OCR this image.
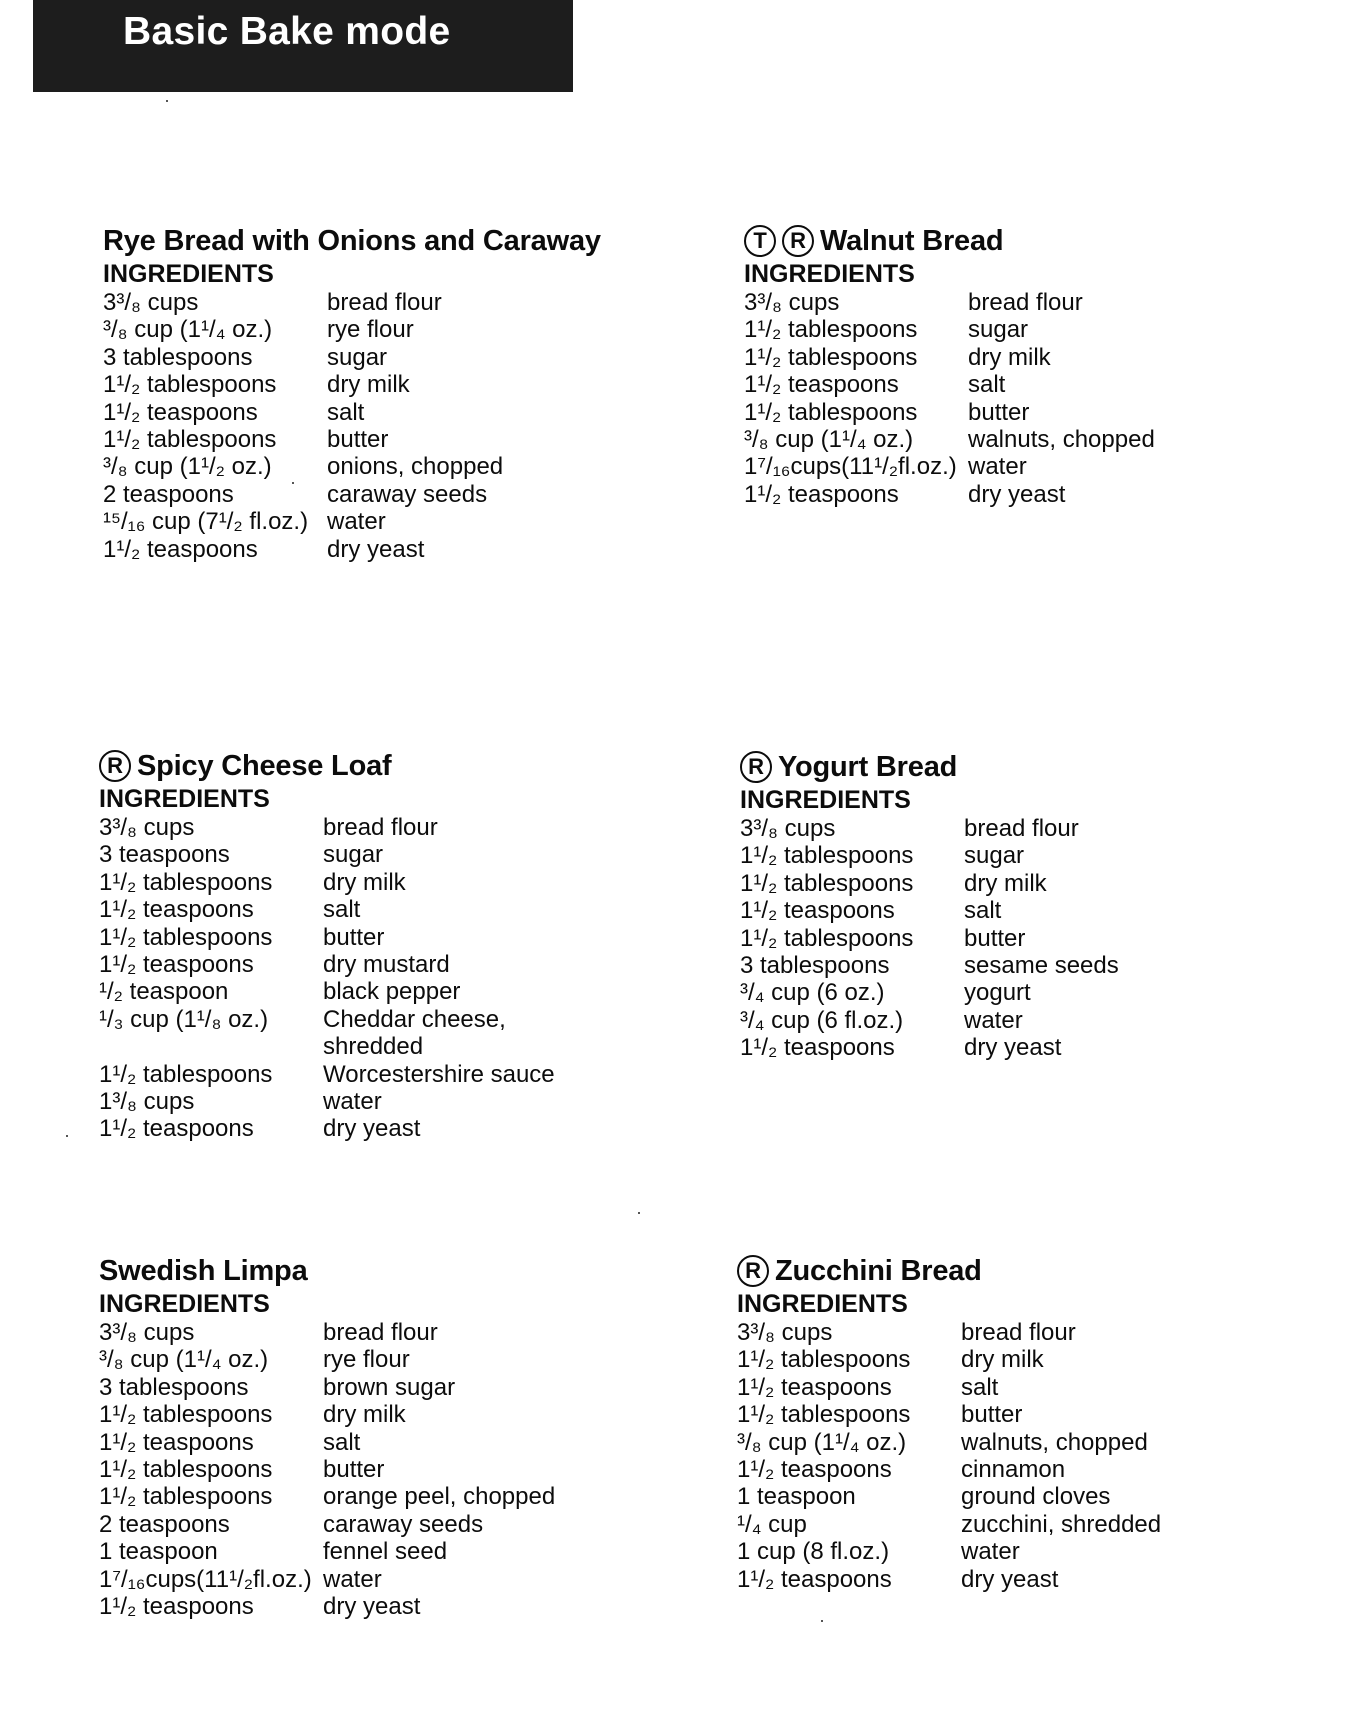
Basic Bake mode
Rye Bread with Onions and Caraway
INGREDIENTS
3³/₈ cups	bread flour
³/₈ cup (1¹/₄ oz.)	rye flour
3 tablespoons	sugar
1¹/₂ tablespoons	dry milk
1¹/₂ teaspoons	salt
1¹/₂ tablespoons	butter
³/₈ cup (1¹/₂ oz.)	onions, chopped
2 teaspoons	caraway seeds
¹⁵/₁₆ cup (7¹/₂ fl.oz.) water
1¹/₂ teaspoons	dry yeast
T R Walnut Bread
INGREDIENTS
3³/₈ cups	bread flour
1¹/₂ tablespoons	sugar
1¹/₂ tablespoons	dry milk
1¹/₂ teaspoons	salt
1¹/₂ tablespoons	butter
³/₈ cup (1¹/₄ oz.)	walnuts, chopped
1⁷/₁₆cups(11¹/₂fl.oz.) water
1¹/₂ teaspoons	dry yeast
R Spicy Cheese Loaf
INGREDIENTS
3³/₈ cups	bread flour
3 teaspoons	sugar
1¹/₂ tablespoons	dry milk
1¹/₂ teaspoons	salt
1¹/₂ tablespoons	butter
1¹/₂ teaspoons	dry mustard
¹/₂ teaspoon	black pepper
¹/₃ cup (1¹/₈ oz.)	Cheddar cheese, shredded
1¹/₂ tablespoons	Worcestershire sauce
1³/₈ cups	water
1¹/₂ teaspoons	dry yeast
R Yogurt Bread
INGREDIENTS
3³/₈ cups	bread flour
1¹/₂ tablespoons	sugar
1¹/₂ tablespoons	dry milk
1¹/₂ teaspoons	salt
1¹/₂ tablespoons	butter
3 tablespoons	sesame seeds
³/₄ cup (6 oz.)	yogurt
³/₄ cup (6 fl.oz.)	water
1¹/₂ teaspoons	dry yeast
Swedish Limpa
INGREDIENTS
3³/₈ cups	bread flour
³/₈ cup (1¹/₄ oz.)	rye flour
3 tablespoons	brown sugar
1¹/₂ tablespoons	dry milk
1¹/₂ teaspoons	salt
1¹/₂ tablespoons	butter
1¹/₂ tablespoons	orange peel, chopped
2 teaspoons	caraway seeds
1 teaspoon	fennel seed
1⁷/₁₆cups(11¹/₂fl.oz.) water
1¹/₂ teaspoons	dry yeast
R Zucchini Bread
INGREDIENTS
3³/₈ cups	bread flour
1¹/₂ tablespoons	dry milk
1¹/₂ teaspoons	salt
1¹/₂ tablespoons	butter
³/₈ cup (1¹/₄ oz.)	walnuts, chopped
1¹/₂ teaspoons	cinnamon
1 teaspoon	ground cloves
¹/₄ cup	zucchini, shredded
1 cup (8 fl.oz.)	water
1¹/₂ teaspoons	dry yeast
